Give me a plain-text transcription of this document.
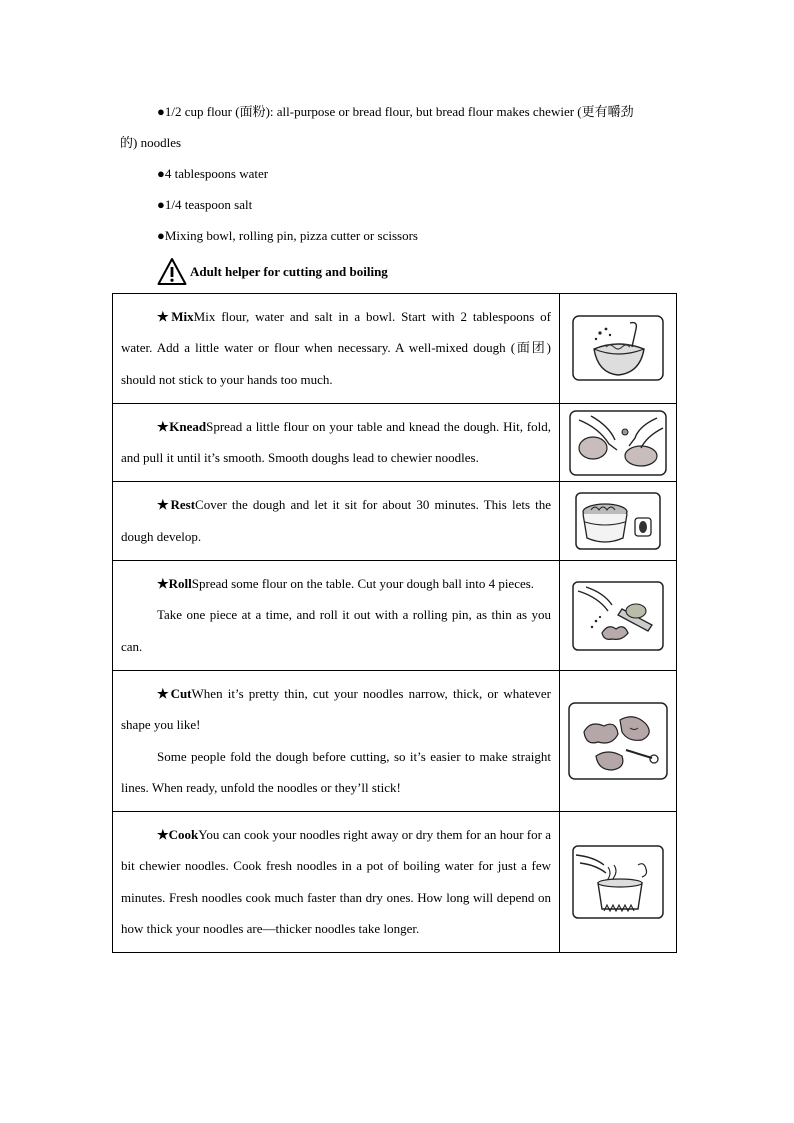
●1/2 cup flour (面粉): all-purpose or bread flour, but bread flour makes chewier (更有嚼劲
的) noodles
●4 tablespoons water
●1/4 teaspoon salt
●Mixing bowl, rolling pin, pizza cutter or scissors
Adult helper for cutting and boiling

★MixMix flour, water and salt in a bowl. Start with 2 tablespoons of water. Add a little water or flour when necessary. A well-mixed dough (面团) should not stick to your hands too much.

★KneadSpread a little flour on your table and knead the dough. Hit, fold, and pull it until it’s smooth. Smooth doughs lead to chewier noodles.

★RestCover the dough and let it sit for about 30 minutes. This lets the dough develop.

★RollSpread some flour on the table. Cut your dough ball into 4 pieces.

Take one piece at a time, and roll it out with a rolling pin, as thin as you can.

★CutWhen it’s pretty thin, cut your noodles narrow, thick, or whatever shape you like!

Some people fold the dough before cutting, so it’s easier to make straight lines. When ready, unfold the noodles or they’ll stick!

★CookYou can cook your noodles right away or dry them for an hour for a bit chewier noodles. Cook fresh noodles in a pot of boiling water for just a few minutes. Fresh noodles cook much faster than dry ones. How long will depend on how thick your noodles are—thicker noodles take longer.
